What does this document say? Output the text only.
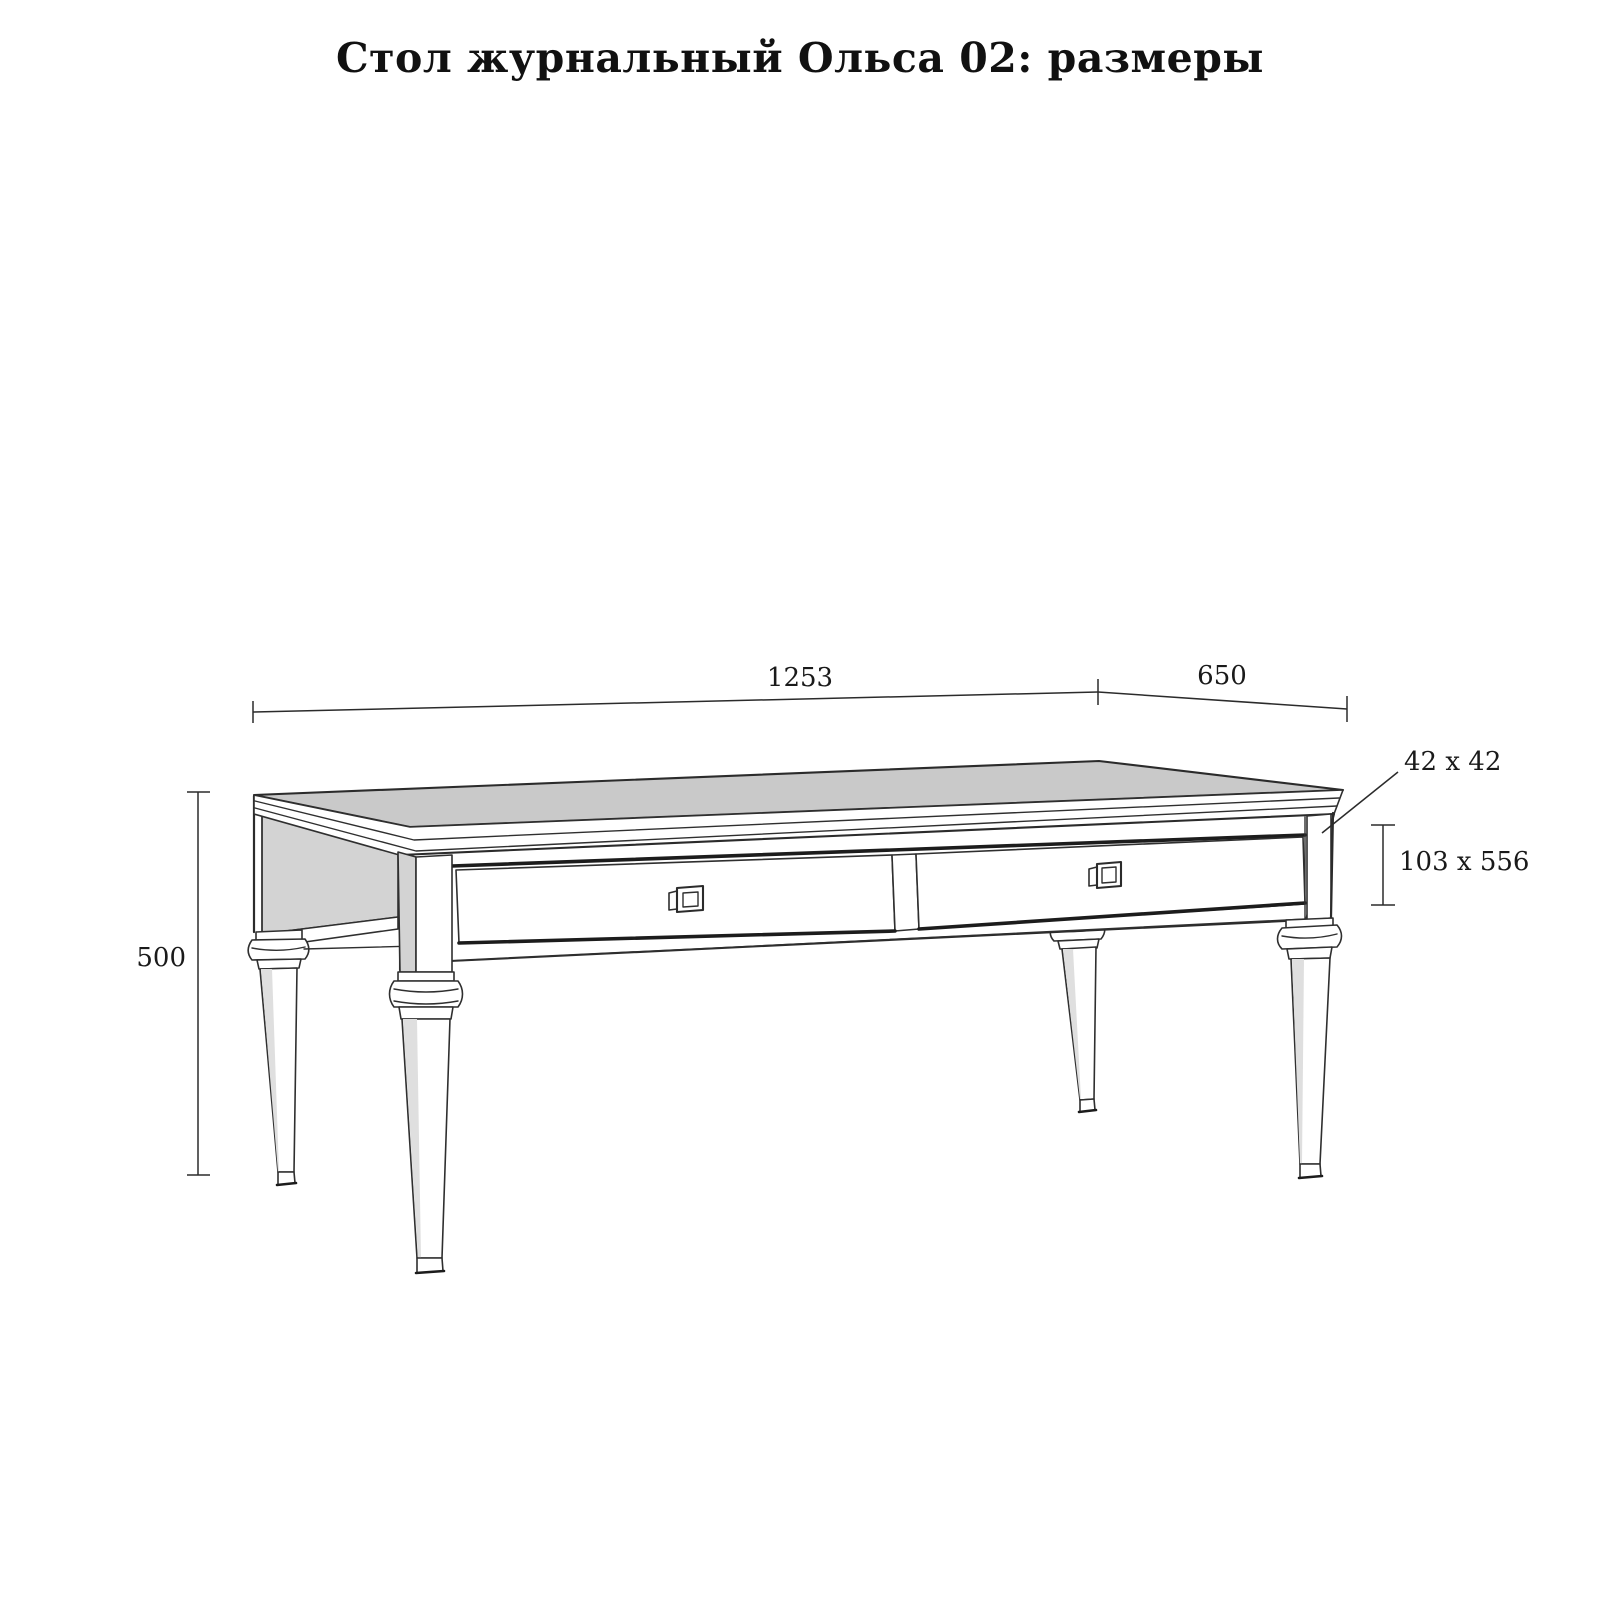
Стол журнальный Ольса 02: размеры
1253	650
500
42 x 42
103 x 556
